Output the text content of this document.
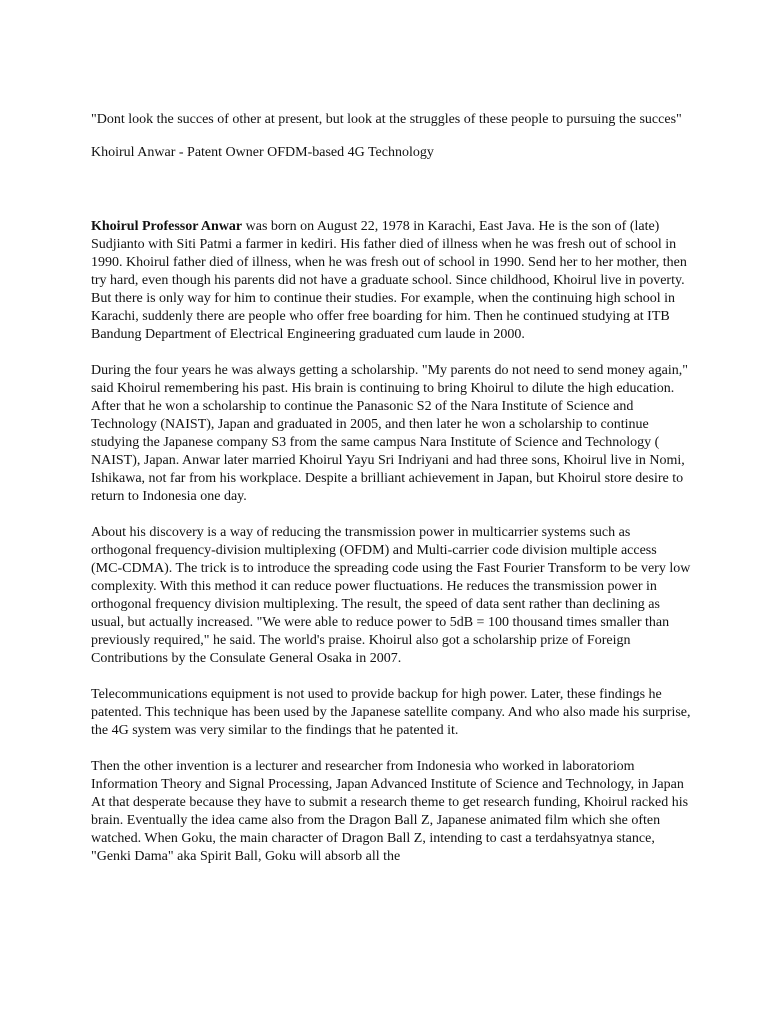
"Dont look the succes of other at present, but look at the struggles of these people to pursuing the succes"

Khoirul Anwar - Patent Owner OFDM-based 4G Technology

Khoirul Professor Anwar was born on August 22, 1978 in Karachi, East Java. He is the son of (late) Sudjianto with Siti Patmi a farmer in kediri. His father died of illness when he was fresh out of school in 1990. Khoirul father died of illness, when he was fresh out of school in 1990. Send her to her mother, then try hard, even though his parents did not have a graduate school. Since childhood, Khoirul live in poverty. But there is only way for him to continue their studies. For example, when the continuing high school in Karachi, suddenly there are people who offer free boarding for him. Then he continued studying at ITB Bandung Department of Electrical Engineering graduated cum laude in 2000.

During the four years he was always getting a scholarship. "My parents do not need to send money again," said Khoirul remembering his past. His brain is continuing to bring Khoirul to dilute the high education. After that he won a scholarship to continue the Panasonic S2 of the Nara Institute of Science and Technology (NAIST), Japan and graduated in 2005, and then later he won a scholarship to continue studying the Japanese company S3 from the same campus Nara Institute of Science and Technology ( NAIST), Japan. Anwar later married Khoirul Yayu Sri Indriyani and had three sons, Khoirul live in Nomi, Ishikawa, not far from his workplace. Despite a brilliant achievement in Japan, but Khoirul store desire to return to Indonesia one day.

About his discovery is a way of reducing the transmission power in multicarrier systems such as orthogonal frequency-division multiplexing (OFDM) and Multi-carrier code division multiple access (MC-CDMA). The trick is to introduce the spreading code using the Fast Fourier Transform to be very low complexity. With this method it can reduce power fluctuations. He reduces the transmission power in orthogonal frequency division multiplexing. The result, the speed of data sent rather than declining as usual, but actually increased. "We were able to reduce power to 5dB = 100 thousand times smaller than previously required," he said. The world's praise. Khoirul also got a scholarship prize of Foreign Contributions by the Consulate General Osaka in 2007.

Telecommunications equipment is not used to provide backup for high power. Later, these findings he patented. This technique has been used by the Japanese satellite company. And who also made his surprise, the 4G system was very similar to the findings that he patented it.

Then the other invention is a lecturer and researcher from Indonesia who worked in laboratoriom Information Theory and Signal Processing, Japan Advanced Institute of Science and Technology, in Japan At that desperate because they have to submit a research theme to get research funding, Khoirul racked his brain. Eventually the idea came also from the Dragon Ball Z, Japanese animated film which she often watched. When Goku, the main character of Dragon Ball Z, intending to cast a terdahsyatnya stance, "Genki Dama" aka Spirit Ball, Goku will absorb all the
